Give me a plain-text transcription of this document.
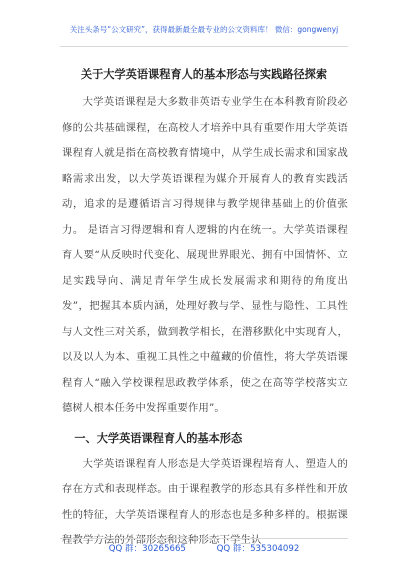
关注头条号“公文研究”，获得最新最全最专业的公文资料库！ 微信：gongwenyj
关于大学英语课程育人的基本形态与实践路径探索

大学英语课程是大多数非英语专业学生在本科教育阶段必修的公共基础课程，在高校人才培养中具有重要作用大学英语课程育人就是指在高校教育情境中，从学生成长需求和国家战略需求出发，以大学英语课程为媒介开展育人的教育实践活动，追求的是遵循语言习得规律与教学规律基础上的价值张力。 是语言习得逻辑和育人逻辑的内在统一。大学英语课程育人要“从反映时代变化、展现世界眼光、拥有中国情怀、立足实践导向、满足青年学生成长发展需求和期待的角度出发”，把握其本质内涵，处理好教与学、显性与隐性、工具性与人文性三对关系，做到教学相长，在潜移默化中实现育人，以及以人为本、重视工具性之中蕴藏的价值性，将大学英语课程育人“融入学校课程思政教学体系，使之在高等学校落实立德树人根本任务中发挥重要作用”。

一、大学英语课程育人的基本形态

大学英语课程育人形态是大学英语课程培育人、塑造人的存在方式和表现样态。由于课程教学的形态具有多样性和开放性的特征，大学英语课程育人的形态也是多种多样的。根据课程教学方法的外部形态和这种形态下学生认

QQ 群：30265665	QQ 群：535304092
